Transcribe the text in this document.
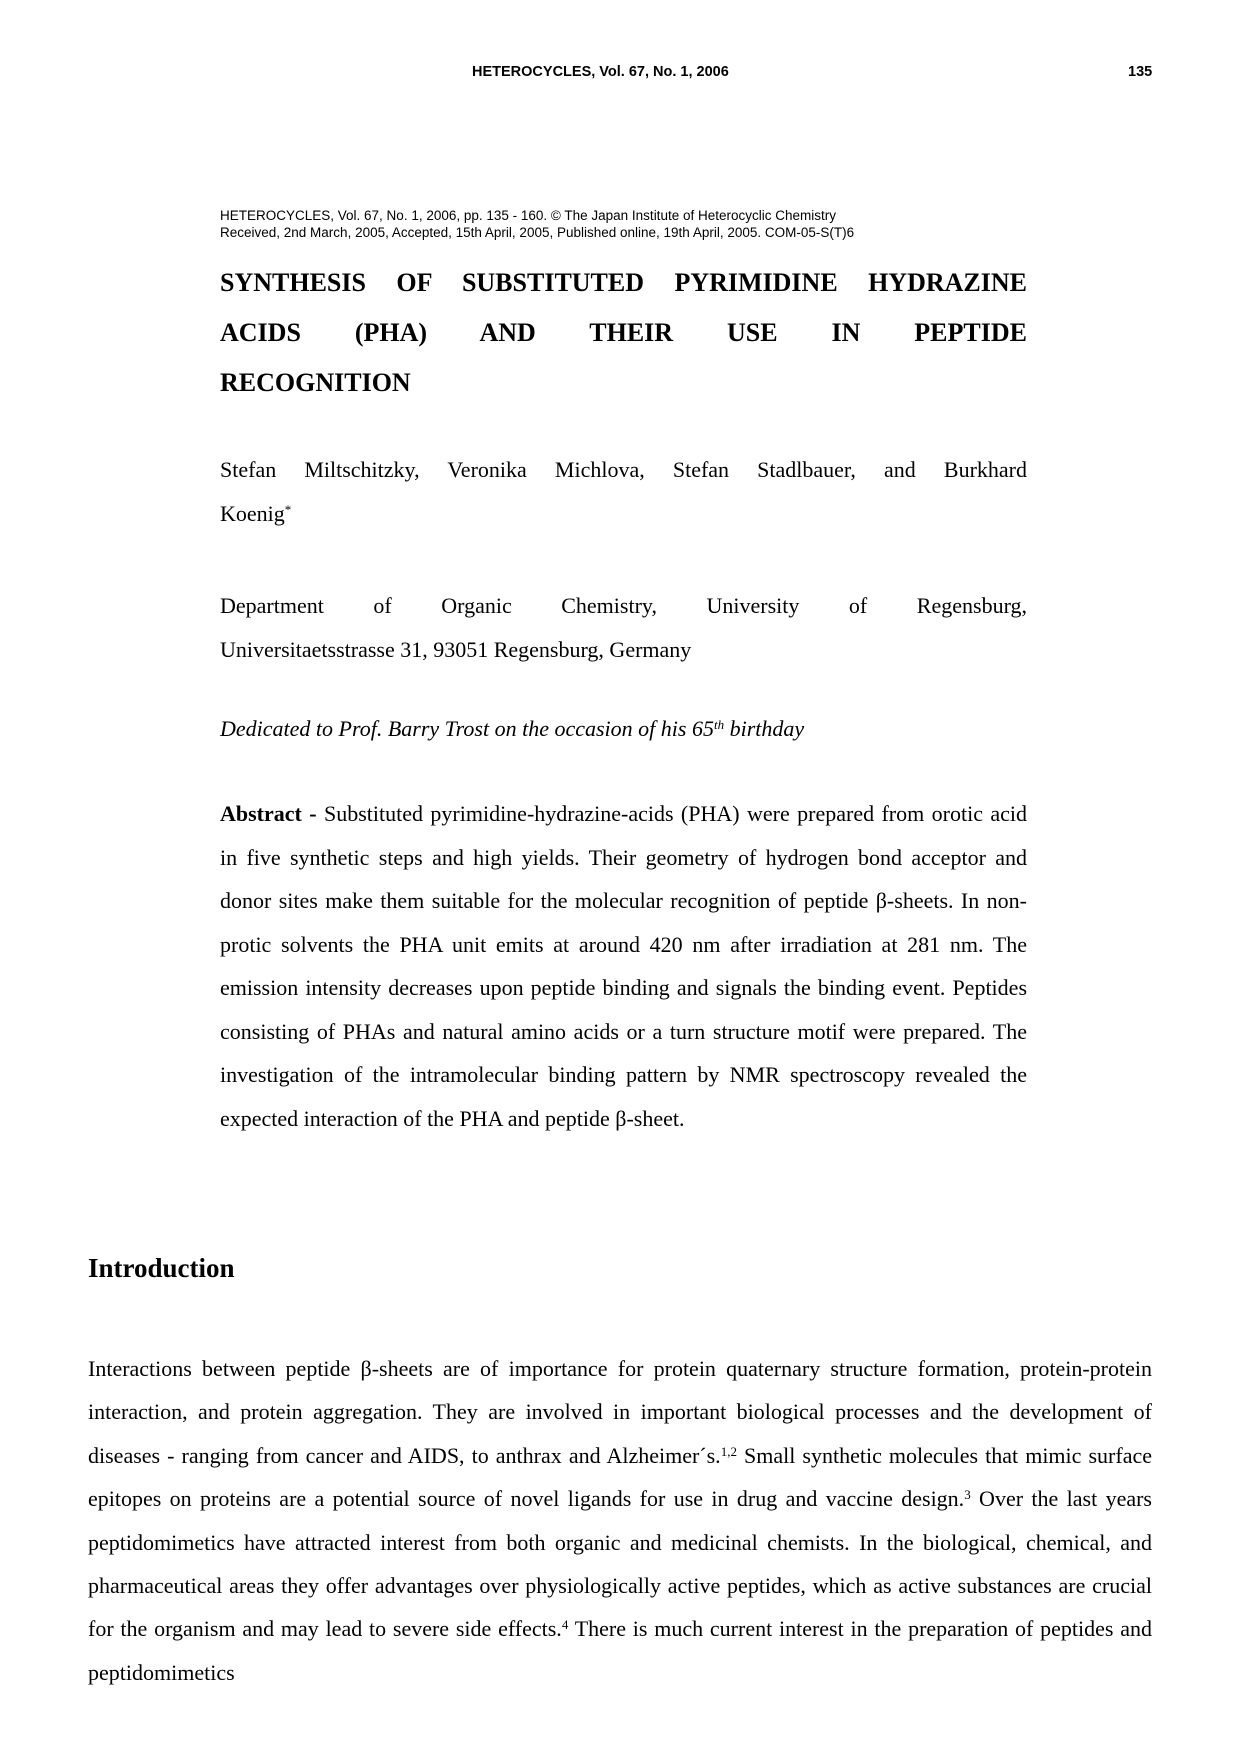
HETEROCYCLES, Vol. 67, No. 1, 2006	135
HETEROCYCLES, Vol. 67, No. 1, 2006, pp. 135 - 160. © The Japan Institute of Heterocyclic Chemistry
Received, 2nd March, 2005, Accepted, 15th April, 2005, Published online, 19th April, 2005. COM-05-S(T)6
SYNTHESIS OF SUBSTITUTED PYRIMIDINE HYDRAZINE
ACIDS (PHA) AND THEIR USE IN PEPTIDE
RECOGNITION
Stefan Miltschitzky, Veronika Michlova, Stefan Stadlbauer, and Burkhard
Koenig*
Department of Organic Chemistry, University of Regensburg,
Universitaetsstrasse 31, 93051 Regensburg, Germany
Dedicated to Prof. Barry Trost on the occasion of his 65th birthday
Abstract - Substituted pyrimidine-hydrazine-acids (PHA) were prepared from orotic acid in five synthetic steps and high yields. Their geometry of hydrogen bond acceptor and donor sites make them suitable for the molecular recognition of peptide β-sheets. In non-protic solvents the PHA unit emits at around 420 nm after irradiation at 281 nm. The emission intensity decreases upon peptide binding and signals the binding event. Peptides consisting of PHAs and natural amino acids or a turn structure motif were prepared. The investigation of the intramolecular binding pattern by NMR spectroscopy revealed the expected interaction of the PHA and peptide β-sheet.
Introduction
Interactions between peptide β-sheets are of importance for protein quaternary structure formation, protein-protein interaction, and protein aggregation. They are involved in important biological processes and the development of diseases - ranging from cancer and AIDS, to anthrax and Alzheimer´s.$^{1,2}$ Small synthetic molecules that mimic surface epitopes on proteins are a potential source of novel ligands for use in drug and vaccine design.$^3$ Over the last years peptidomimetics have attracted interest from both organic and medicinal chemists. In the biological, chemical, and pharmaceutical areas they offer advantages over physiologically active peptides, which as active substances are crucial for the organism and may lead to severe side effects.$^4$ There is much current interest in the preparation of peptides and peptidomimetics
